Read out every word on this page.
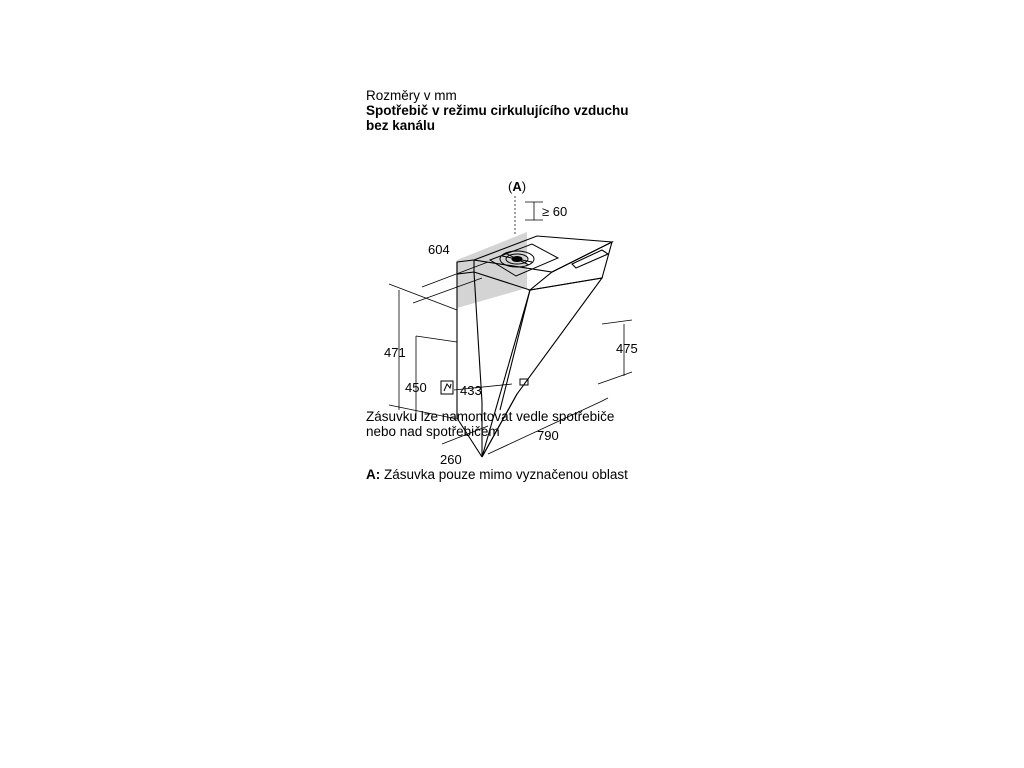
Rozměry v mm
Spotřebič v režimu cirkulujícího vzduchu
bez kanálu
(A)
≥ 60
604
471
450	433
260
790
475
Zásuvku lze namontovat vedle spotřebiče
nebo nad spotřebičem
A: Zásuvka pouze mimo vyznačenou oblast
